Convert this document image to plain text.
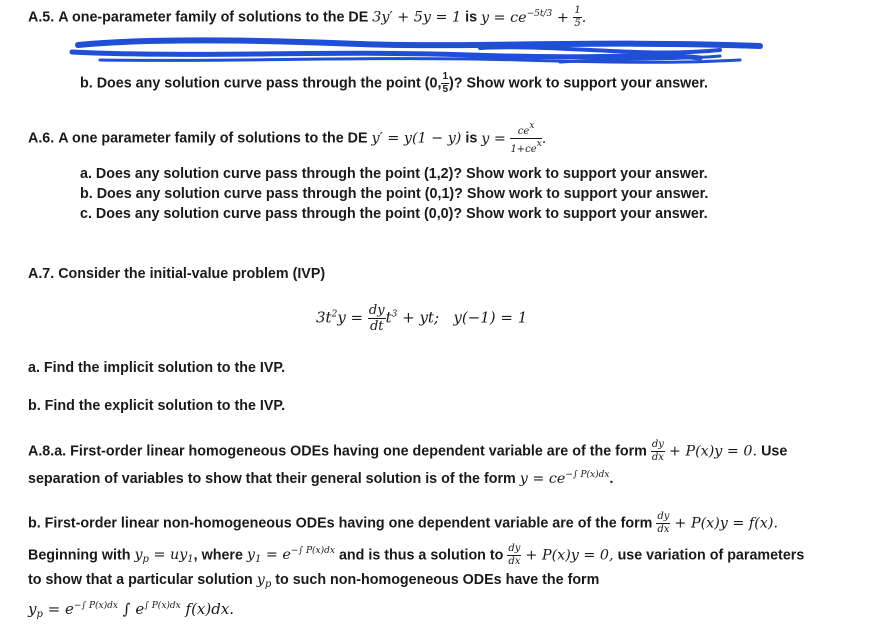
A.5. A one-parameter family of solutions to the DE 3y′ + 5y = 1 is $y = ce^{-5t/3} + \frac{1}{5}$ .
b. Does any solution curve pass through the point (0, $\frac{1}{5}$ )? Show work to support your answer.
A.6. A one parameter family of solutions to the DE y′ = y(1 − y) is $y = \frac{ce^x}{1+ce^x}$ .
a. Does any solution curve pass through the point (1,2)? Show work to support your answer.
b. Does any solution curve pass through the point (0,1)? Show work to support your answer.
c. Does any solution curve pass through the point (0,0)? Show work to support your answer.
A.7. Consider the initial-value problem (IVP)
$3t^2y = \frac{dy}{dt} t^3$ + yt; y(−1) = 1
a. Find the implicit solution to the IVP.
b. Find the explicit solution to the IVP.
A.8.a. First-order linear homogeneous ODEs having one dependent variable are of the form $\frac{dy}{dx} + P(x)y = 0$. Use
separation of variables to show that their general solution is of the form $y = ce^{-\int P(x)dx}$.
b. First-order linear non-homogeneous ODEs having one dependent variable are of the form $\frac{dy}{dx} + P(x)y = f(x)$.
Beginning with $y_p = uy_1$, where $y_1 = e^{-\int P(x)dx}$ and is thus a solution to $\frac{dy}{dx} + P(x)y = 0$, use variation of parameters
to show that a particular solution $y_p$ to such non-homogeneous ODEs have the form
$y_p = e^{-\int P(x)dx}$ ∫ $e^{\int P(x)dx}$ f(x)dx.
